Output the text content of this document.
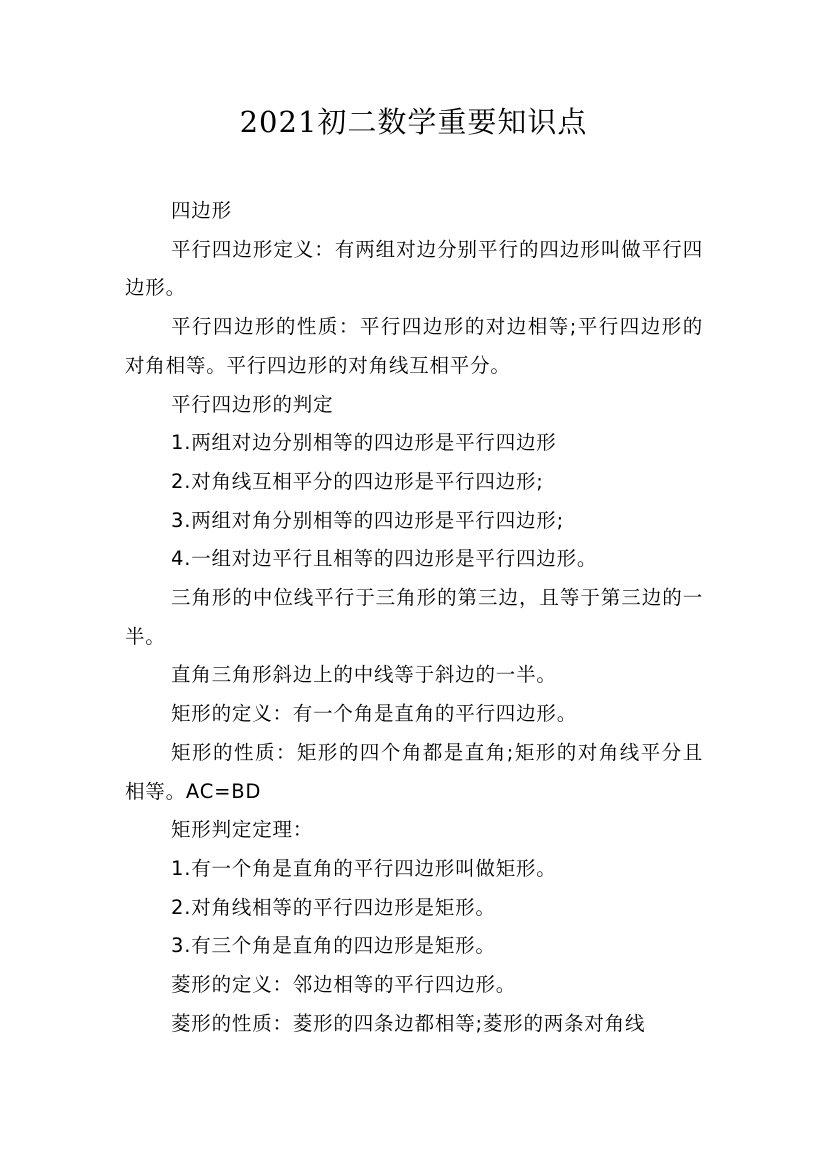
2021初二数学重要知识点

四边形

平行四边形定义：有两组对边分别平行的四边形叫做平行四边形。

平行四边形的性质：平行四边形的对边相等;平行四边形的对角相等。平行四边形的对角线互相平分。

平行四边形的判定

1.两组对边分别相等的四边形是平行四边形

2.对角线互相平分的四边形是平行四边形;

3.两组对角分别相等的四边形是平行四边形;

4.一组对边平行且相等的四边形是平行四边形。

三角形的中位线平行于三角形的第三边，且等于第三边的一半。

直角三角形斜边上的中线等于斜边的一半。

矩形的定义：有一个角是直角的平行四边形。

矩形的性质：矩形的四个角都是直角;矩形的对角线平分且相等。AC=BD

矩形判定定理：

1.有一个角是直角的平行四边形叫做矩形。

2.对角线相等的平行四边形是矩形。

3.有三个角是直角的四边形是矩形。

菱形的定义：邻边相等的平行四边形。

菱形的性质：菱形的四条边都相等;菱形的两条对角线
